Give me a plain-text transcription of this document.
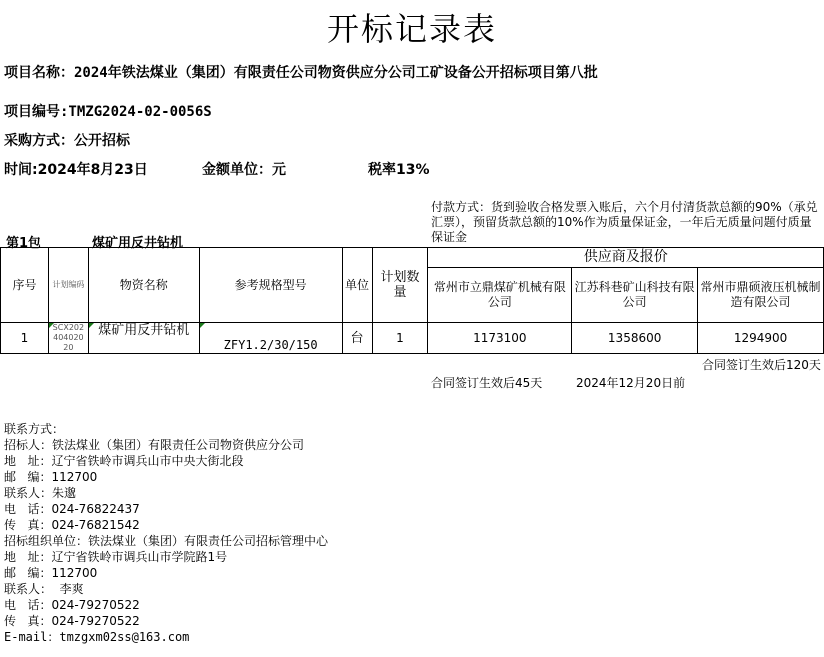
开标记录表
项目名称：2024年铁法煤业（集团）有限责任公司物资供应分公司工矿设备公开招标项目第八批
项目编号:TMZG2024-02-0056S
采购方式：公开招标
时间:2024年8月23日	金额单位：元	税率13%
付款方式：货到验收合格发票入账后，六个月付清货款总额的90%（承兑汇票），预留货款总额的10%作为质量保证金，一年后无质量问题付质量保证金
第1包	煤矿用反井钻机
序号	计划编码	物资名称	参考规格型号	单位	计划数量	供应商及报价		
						常州市立鼎煤矿机械有限公司	江苏科巷矿山科技有限公司	常州市鼎硕液压机械制造有限公司
1	SCX20240402020	煤矿用反井钻机	ZFY1.2/30/150	台	1	1173100	1358600	1294900
合同签订生效后45天	2024年12月20日前
合同签订生效后120天
联系方式：
招标人：铁法煤业（集团）有限责任公司物资供应分公司
地   址：辽宁省铁岭市调兵山市中央大街北段
邮   编：112700
联系人：朱邈
电   话：024-76822437
传   真：024-76821542
招标组织单位：铁法煤业（集团）有限责任公司招标管理中心
地   址：辽宁省铁岭市调兵山市学院路1号
邮   编：112700
联系人：  李爽
电   话：024-79270522
传   真：024-79270522
E-mail：tmzgxm02ss@163.com
